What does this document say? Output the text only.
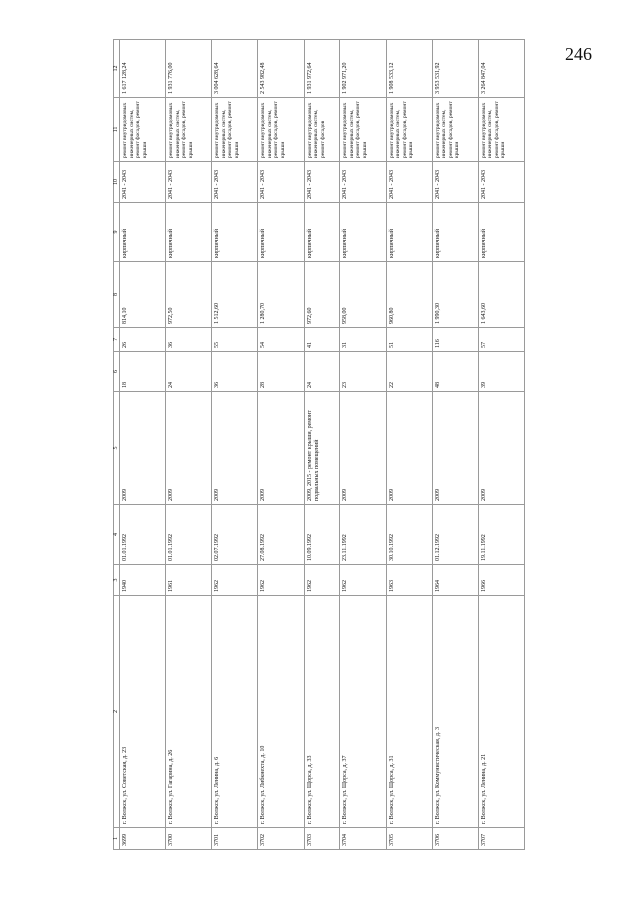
246
1	2	3	4	5	6	7	8	9	10	11	12
3699	г. Волжск, ул. Советская, д. 23	1940	01.01.1992	2009	18	26	814,10	кирпичный	2041 - 2043	ремонт внутридомовых инженерных систем, ремонт фасадов, ремонт крыши	1 617 128,24
3700	г. Волжск, ул. Гагарина, д. 26	1961	01.01.1992	2009	24	36	972,50	кирпичный	2041 - 2043	ремонт внутридомовых инженерных систем, ремонт фасадов, ремонт крыши	1 931 776,00
3701	г. Волжск, ул. Ленина, д. 6	1962	02.07.1992	2009	36	55	1 512,60	кирпичный	2041 - 2043	ремонт внутридомовых инженерных систем, ремонт фасадов, ремонт крыши	3 004 628,64
3702	г. Волжск, ул. Либкнехта, д. 10	1962	27.08.1992	2009	28	54	1 280,70	кирпичный	2041 - 2043	ремонт внутридомовых инженерных систем, ремонт фасадов, ремонт крыши	2 543 982,48
3703	г. Волжск, ул. Щорса, д. 33	1962	10.09.1992	2009, 2015 - ремонт крыши, ремонт подвальных помещений	24	41	972,60	кирпичный	2041 - 2043	ремонт внутридомовых инженерных систем, ремонт фасадов	1 931 972,64
3704	г. Волжск, ул. Щорса, д. 37	1962	23.11.1992	2009	23	31	958,00	кирпичный	2041 - 2043	ремонт внутридомовых инженерных систем, ремонт фасадов, ремонт крыши	1 902 971,20
3705	г. Волжск, ул. Щорса, д. 31	1963	30.10.1992	2009	22	51	960,80	кирпичный	2041 - 2043	ремонт внутридомовых инженерных систем, ремонт фасадов, ремонт крыши	1 908 533,12
3706	г. Волжск, ул. Коммунистическая, д. 3	1964	01.12.1992	2009	48	116	1 990,30	кирпичный	2041 - 2043	ремонт внутридомовых инженерных систем, ремонт фасадов, ремонт крыши	3 953 531,92
3707	г. Волжск, ул. Ленина, д. 21	1966	19.11.1992	2009	39	57	1 643,60	кирпичный	2041 - 2043	ремонт внутридомовых инженерных систем, ремонт фасадов, ремонт крыши	3 264 847,04
